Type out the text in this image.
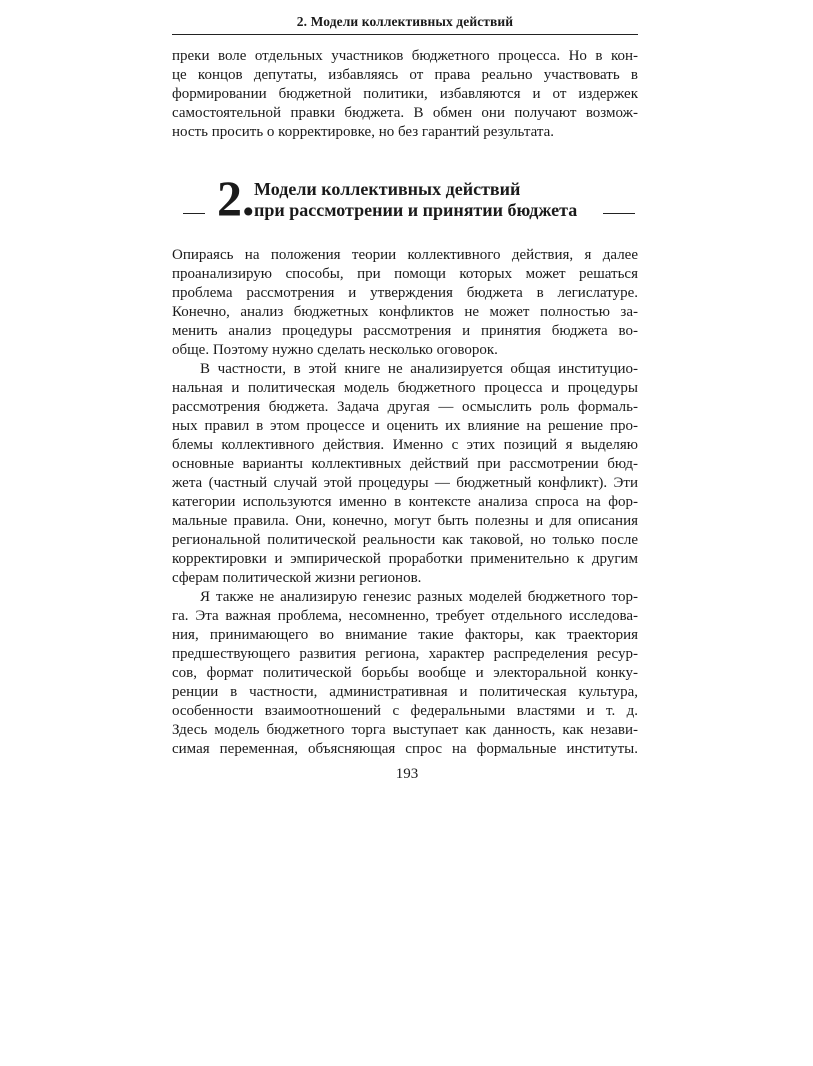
2. Модели коллективных действий
преки воле отдельных участников бюджетного процесса. Но в кон-
це концов депутаты, избавляясь от права реально участвовать в
формировании бюджетной политики, избавляются и от издержек
самостоятельной правки бюджета. В обмен они получают возмож-
ность просить о корректировке, но без гарантий результата.
2. Модели коллективных действий
при рассмотрении и принятии бюджета
Опираясь на положения теории коллективного действия, я далее
проанализирую способы, при помощи которых может решаться
проблема рассмотрения и утверждения бюджета в легислатуре.
Конечно, анализ бюджетных конфликтов не может полностью за-
менить анализ процедуры рассмотрения и принятия бюджета во-
обще. Поэтому нужно сделать несколько оговорок.
В частности, в этой книге не анализируется общая институцио-
нальная и политическая модель бюджетного процесса и процедуры
рассмотрения бюджета. Задача другая — осмыслить роль формаль-
ных правил в этом процессе и оценить их влияние на решение про-
блемы коллективного действия. Именно с этих позиций я выделяю
основные варианты коллективных действий при рассмотрении бюд-
жета (частный случай этой процедуры — бюджетный конфликт). Эти
категории используются именно в контексте анализа спроса на фор-
мальные правила. Они, конечно, могут быть полезны и для описания
региональной политической реальности как таковой, но только после
корректировки и эмпирической проработки применительно к другим
сферам политической жизни регионов.
Я также не анализирую генезис разных моделей бюджетного тор-
га. Эта важная проблема, несомненно, требует отдельного исследова-
ния, принимающего во внимание такие факторы, как траектория
предшествующего развития региона, характер распределения ресур-
сов, формат политической борьбы вообще и электоральной конку-
ренции в частности, административная и политическая культура,
особенности взаимоотношений с федеральными властями и т. д.
Здесь модель бюджетного торга выступает как данность, как незави-
симая переменная, объясняющая спрос на формальные институты.
193
